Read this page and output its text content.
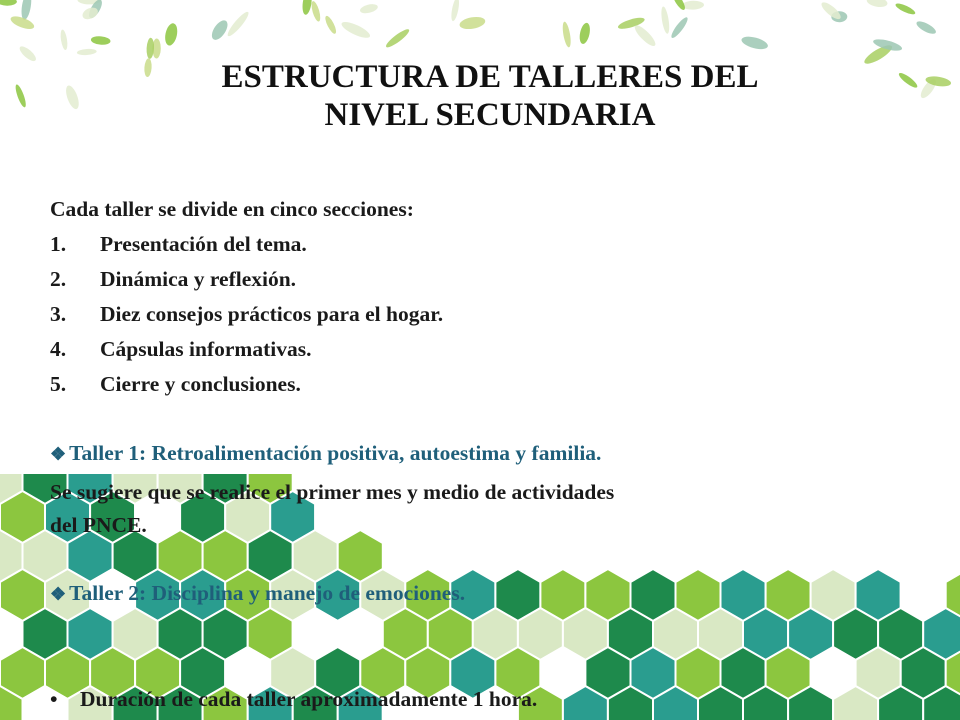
ESTRUCTURA DE TALLERES DEL
NIVEL SECUNDARIA
Cada taller se divide en cinco secciones:
1. Presentación del tema.
2. Dinámica y reflexión.
3. Diez consejos prácticos para el hogar.
4. Cápsulas informativas.
5. Cierre y conclusiones.
❖ Taller 1: Retroalimentación positiva, autoestima y familia.
Se sugiere que se realice el primer mes y medio de actividades
del PNCE.
❖ Taller 2: Disciplina y manejo de emociones.
• Duración de cada taller aproximadamente 1 hora.
